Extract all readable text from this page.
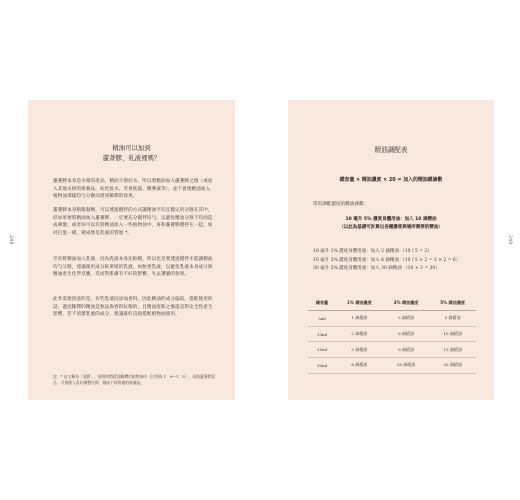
248	249
精油可以加到
蘆薈膠、乳液裡嗎？
蘆薈膠本身是水相的產品，精油不溶於水，所以將精油加入蘆薈膠之後（或加入其他水相的保養品，如化妝水、芳香純露、精華液等），並不會像精油加入植物油那樣均勻分散而達到稀釋的效果。
蘆薈膠本身稍微黏稠，可以透過攪拌的方式讓精油平均且穩定的分散在其中，但如果要將精油加入蘆薈膠，一定要充分攪拌均勻，以避免精油分散不均而造成刺激；或者你可以先將精油加入一些植物油中，再和蘆薈膠攪拌在一起，如同打蛋一樣，變成像是乳液的質地 *。
至於將精油加入乳液，因為乳液本身比較稠，所以也是要透過攪拌才能讓精油均勻分散，建議使用成分較單純的乳液，如無香乳液，以避免乳液本身成分與精油產生化學反應，反而對肌膚有不好的影響、失去護膚的效果。
此外需要留意的是，有些乳液因添加香料，因此精油的成分偏低，搭配使用的話，過度稀釋的精油是無法與香料抗衡的，且精油混和之後還是對安全性產生影響，若不清楚乳液的成分，建議最好直接搭配植物油使用。
註：* 這又稱為「油膠」，使用時將精油稀釋於植物油中（比例為 1：9～1：5），再與蘆薈膠混合，可依個人喜好調整比例，做成不同質地的保養品。
精油調配表
總容量 × 精油濃度 × 20 = 加入的精油總滴數
常用調配濃度的精油滴數：
10 毫升 5% 濃度身體用油：加入 10 滴精油
（以此為基礎可計算出各種濃度與場所需要的精油）
10 毫升 1% 濃度身體用油：加入 2 滴精油 （10 / 5 = 2）
10 毫升 3% 濃度身體用油：加入 6 滴精油 （10 / 5 × 2 = 3 × 2 = 6）
30 毫升 5% 濃度身體用油：加入 30 滴精油 （10 × 3 = 30）
總容量	1% 精油濃度	3% 精油濃度	5% 精油濃度
5ml	1 滴精油	3 滴精油	5 滴精油
10ml	2 滴精油	6 滴精油	10 滴精油
15ml	3 滴精油	9 滴精油	15 滴精油
30ml	6 滴精油	18 滴精油	30 滴精油
